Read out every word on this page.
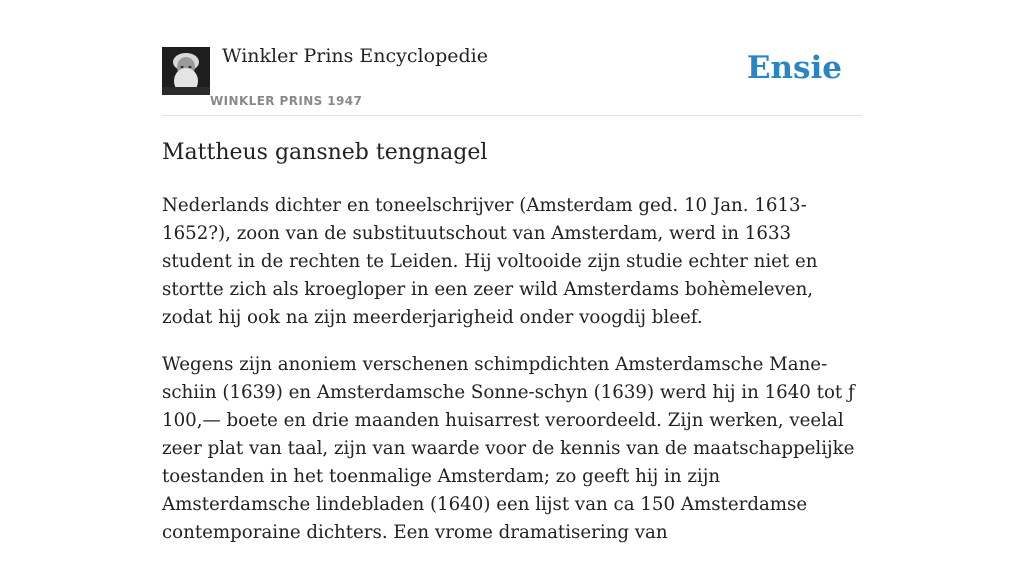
Winkler Prins Encyclopedie
WINKLER PRINS 1947
Ensie
Mattheus gansneb tengnagel

Nederlands dichter en toneelschrijver (Amsterdam ged. 10 Jan. 1613-1652?), zoon van de substituutschout van Amsterdam, werd in 1633 student in de rechten te Leiden. Hij voltooide zijn studie echter niet en stortte zich als kroegloper in een zeer wild Amsterdams bohèmeleven, zodat hij ook na zijn meerderjarigheid onder voogdij bleef.

Wegens zijn anoniem verschenen schimpdichten Amsterdamsche Mane-schiin (1639) en Amsterdamsche Sonne-schyn (1639) werd hij in 1640 tot ƒ 100,— boete en drie maanden huisarrest veroordeeld. Zijn werken, veelal zeer plat van taal, zijn van waarde voor de kennis van de maatschappelijke toestanden in het toenmalige Amsterdam; zo geeft hij in zijn Amsterdamsche lindebladen (1640) een lijst van ca 150 Amsterdamse contemporaine dichters. Een vrome dramatisering van
